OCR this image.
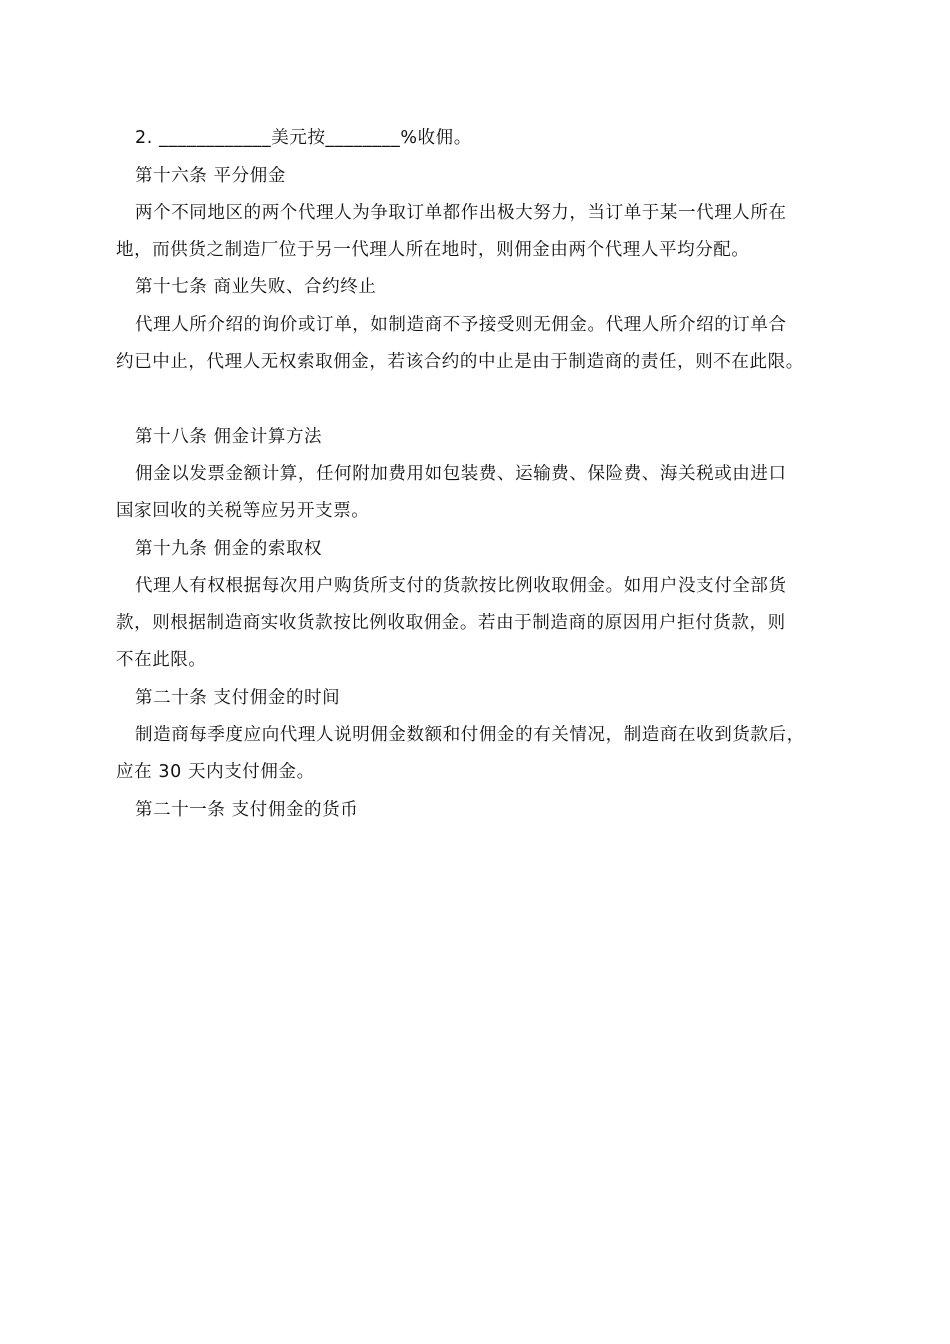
2. ____________美元按________%收佣。
第十六条 平分佣金
两个不同地区的两个代理人为争取订单都作出极大努力，当订单于某一代理人所在
地，而供货之制造厂位于另一代理人所在地时，则佣金由两个代理人平均分配。
第十七条 商业失败、合约终止
代理人所介绍的询价或订单，如制造商不予接受则无佣金。代理人所介绍的订单合
约已中止，代理人无权索取佣金，若该合约的中止是由于制造商的责任，则不在此限。
第十八条 佣金计算方法
佣金以发票金额计算，任何附加费用如包装费、运输费、保险费、海关税或由进口
国家回收的关税等应另开支票。
第十九条 佣金的索取权
代理人有权根据每次用户购货所支付的货款按比例收取佣金。如用户没支付全部货
款，则根据制造商实收货款按比例收取佣金。若由于制造商的原因用户拒付货款，则
不在此限。
第二十条 支付佣金的时间
制造商每季度应向代理人说明佣金数额和付佣金的有关情况，制造商在收到货款后，
应在 30 天内支付佣金。
第二十一条 支付佣金的货币
